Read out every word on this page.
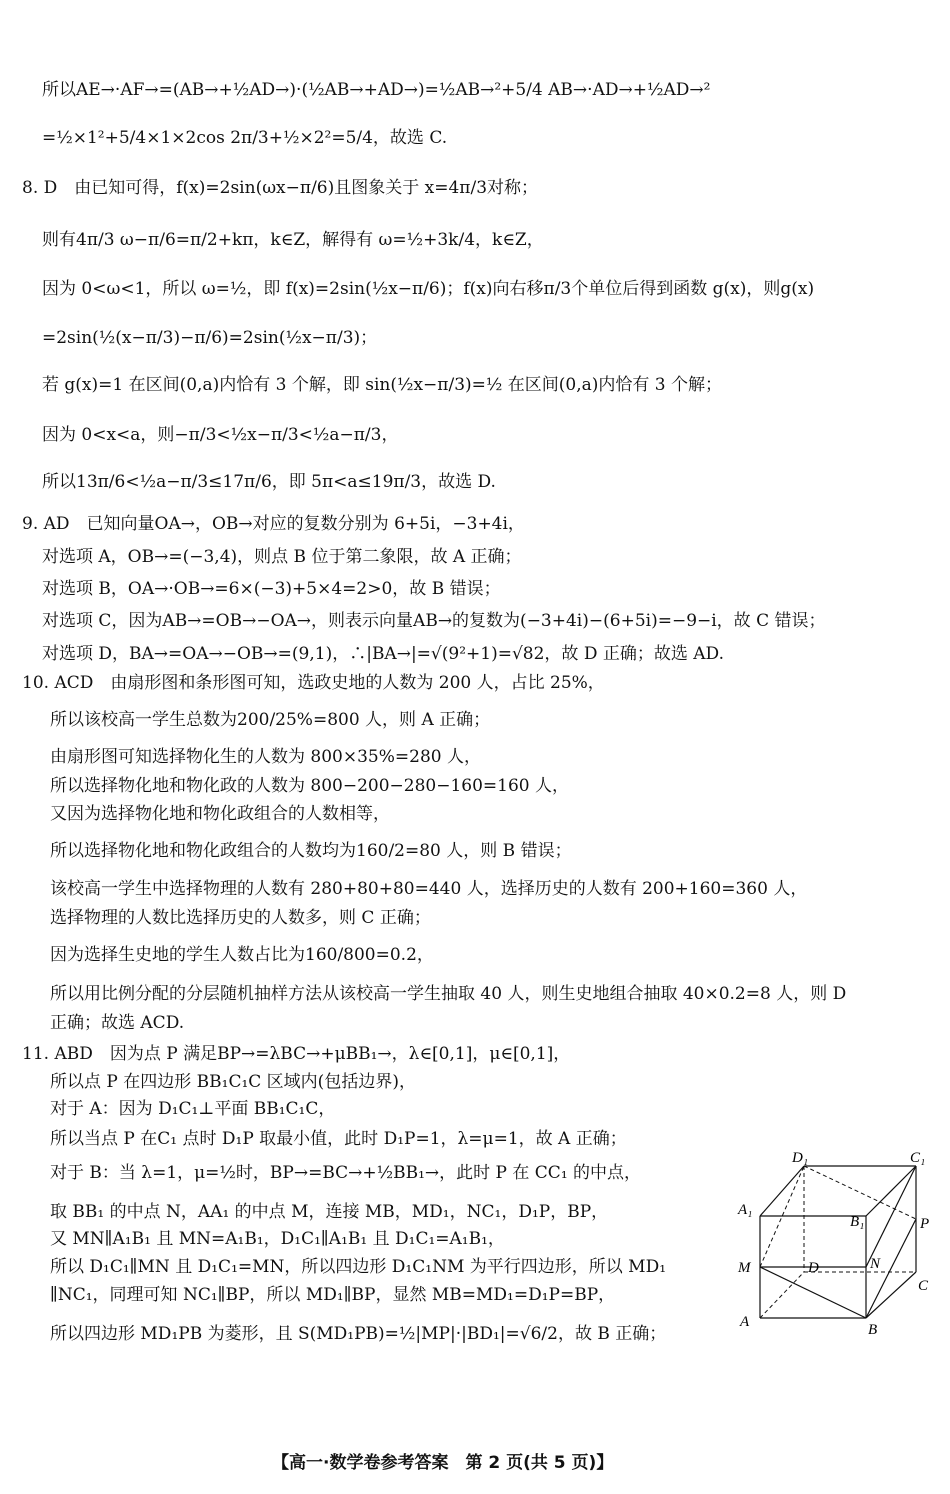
所以AE→·AF→=(AB→+½AD→)·(½AB→+AD→)=½AB→²+5/4 AB→·AD→+½AD→²
=½×1²+5/4×1×2cos 2π/3+½×2²=5/4，故选 C.
8. D　由已知可得，f(x)=2sin(ωx−π/6)且图象关于 x=4π/3对称；
则有4π/3 ω−π/6=π/2+kπ，k∈Z，解得有 ω=½+3k/4，k∈Z，
因为 0<ω<1，所以 ω=½，即 f(x)=2sin(½x−π/6)；f(x)向右移π/3个单位后得到函数 g(x)，则g(x)
=2sin(½(x−π/3)−π/6)=2sin(½x−π/3)；
若 g(x)=1 在区间(0,a)内恰有 3 个解，即 sin(½x−π/3)=½ 在区间(0,a)内恰有 3 个解；
因为 0<x<a，则−π/3<½x−π/3<½a−π/3，
所以13π/6<½a−π/3≤17π/6，即 5π<a≤19π/3，故选 D.
9. AD　已知向量OA→，OB→对应的复数分别为 6+5i，−3+4i，
对选项 A，OB→=(−3,4)，则点 B 位于第二象限，故 A 正确；
对选项 B，OA→·OB→=6×(−3)+5×4=2>0，故 B 错误；
对选项 C，因为AB→=OB→−OA→，则表示向量AB→的复数为(−3+4i)−(6+5i)=−9−i，故 C 错误；
对选项 D，BA→=OA→−OB→=(9,1)，∴|BA→|=√(9²+1)=√82，故 D 正确；故选 AD.
10. ACD　由扇形图和条形图可知，选政史地的人数为 200 人，占比 25%，
所以该校高一学生总数为200/25%=800 人，则 A 正确；
由扇形图可知选择物化生的人数为 800×35%=280 人，
所以选择物化地和物化政的人数为 800−200−280−160=160 人，
又因为选择物化地和物化政组合的人数相等，
所以选择物化地和物化政组合的人数均为160/2=80 人，则 B 错误；
该校高一学生中选择物理的人数有 280+80+80=440 人，选择历史的人数有 200+160=360 人，
选择物理的人数比选择历史的人数多，则 C 正确；
因为选择生史地的学生人数占比为160/800=0.2，
所以用比例分配的分层随机抽样方法从该校高一学生抽取 40 人，则生史地组合抽取 40×0.2=8 人，则 D
正确；故选 ACD.
11. ABD　因为点 P 满足BP→=λBC→+μBB₁→，λ∈[0,1]，μ∈[0,1]，
所以点 P 在四边形 BB₁C₁C 区域内(包括边界)，
对于 A：因为 D₁C₁⊥平面 BB₁C₁C，
所以当点 P 在C₁ 点时 D₁P 取最小值，此时 D₁P=1，λ=μ=1，故 A 正确；
对于 B：当 λ=1，μ=½时，BP→=BC→+½BB₁→，此时 P 在 CC₁ 的中点，
取 BB₁ 的中点 N，AA₁ 的中点 M，连接 MB，MD₁，NC₁，D₁P，BP，
又 MN∥A₁B₁ 且 MN=A₁B₁，D₁C₁∥A₁B₁ 且 D₁C₁=A₁B₁，
所以 D₁C₁∥MN 且 D₁C₁=MN，所以四边形 D₁C₁NM 为平行四边形，所以 MD₁
∥NC₁，同理可知 NC₁∥BP，所以 MD₁∥BP，显然 MB=MD₁=D₁P=BP，
所以四边形 MD₁PB 为菱形，且 S(MD₁PB)=½|MP|·|BD₁|=√6/2，故 B 正确；
D₁	C₁
A₁
B₁	P
M	N
D
C
A	B
【高一·数学卷参考答案　第 2 页(共 5 页)】
